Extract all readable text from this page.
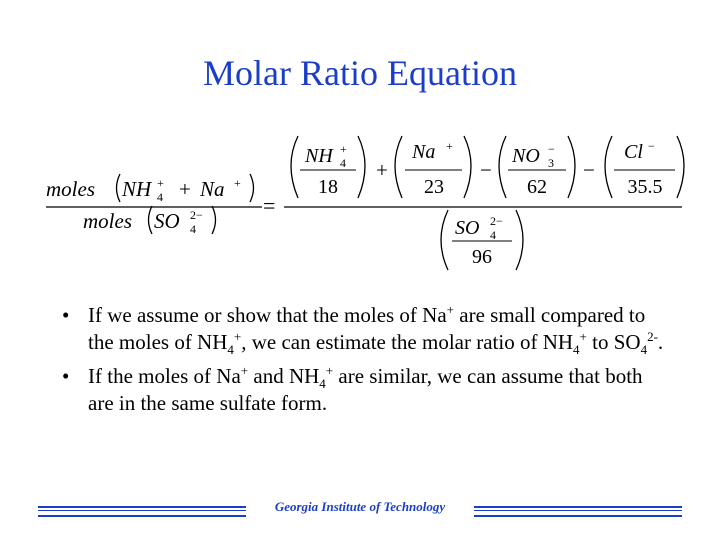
Molar Ratio Equation
moles NH +
4 + Na +
moles SO 2−
4
=
NH +
4
18
+
Na +
23
−
NO −
3
62
−
Cl −
35.5
SO 2−
4
96
• If we assume or show that the moles of Na+ are small compared to the moles of $NH_4^+$, we can estimate the molar ratio of $NH_4^+$ to $SO_4^{2-}$.
• If the moles of Na+ and $NH_4^+$ are similar, we can assume that both are in the same sulfate form.
Georgia Institute of Technology
